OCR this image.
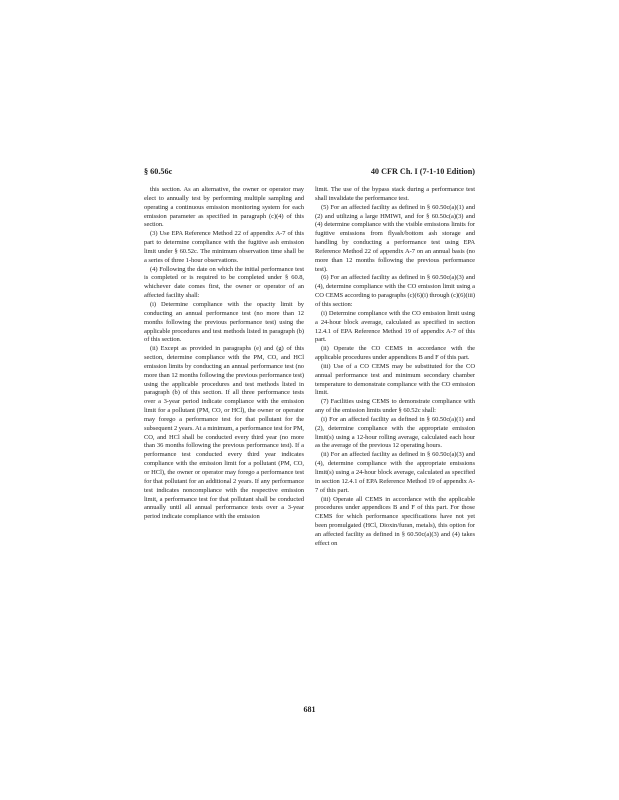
§ 60.56c	40 CFR Ch. I (7-1-10 Edition)

this section. As an alternative, the owner or operator may elect to annually test by performing multiple sampling and operating a continuous emission monitoring system for each emission parameter as specified in paragraph (c)(4) of this section.

(3) Use EPA Reference Method 22 of appendix A-7 of this part to determine compliance with the fugitive ash emission limit under § 60.52c. The minimum observation time shall be a series of three 1-hour observations.

(4) Following the date on which the initial performance test is completed or is required to be completed under § 60.8, whichever date comes first, the owner or operator of an affected facility shall:

(i) Determine compliance with the opacity limit by conducting an annual performance test (no more than 12 months following the previous performance test) using the applicable procedures and test methods listed in paragraph (b) of this section.

(ii) Except as provided in paragraphs (e) and (g) of this section, determine compliance with the PM, CO, and HCl emission limits by conducting an annual performance test (no more than 12 months following the previous performance test) using the applicable procedures and test methods listed in paragraph (b) of this section. If all three performance tests over a 3-year period indicate compliance with the emission limit for a pollutant (PM, CO, or HCl), the owner or operator may forego a performance test for that pollutant for the subsequent 2 years. At a minimum, a performance test for PM, CO, and HCl shall be conducted every third year (no more than 36 months following the previous performance test). If a performance test conducted every third year indicates compliance with the emission limit for a pollutant (PM, CO, or HCl), the owner or operator may forego a performance test for that pollutant for an additional 2 years. If any performance test indicates noncompliance with the respective emission limit, a performance test for that pollutant shall be conducted annually until all annual performance tests over a 3-year period indicate compliance with the emission

limit. The use of the bypass stack during a performance test shall invalidate the performance test.

(5) For an affected facility as defined in § 60.50c(a)(1) and (2) and utilizing a large HMIWI, and for § 60.50c(a)(3) and (4) determine compliance with the visible emissions limits for fugitive emissions from flyash/bottom ash storage and handling by conducting a performance test using EPA Reference Method 22 of appendix A-7 on an annual basis (no more than 12 months following the previous performance test).

(6) For an affected facility as defined in § 60.50c(a)(3) and (4), determine compliance with the CO emission limit using a CO CEMS according to paragraphs (c)(6)(i) through (c)(6)(iii) of this section:

(i) Determine compliance with the CO emission limit using a 24-hour block average, calculated as specified in section 12.4.1 of EPA Reference Method 19 of appendix A-7 of this part.

(ii) Operate the CO CEMS in accordance with the applicable procedures under appendices B and F of this part.

(iii) Use of a CO CEMS may be substituted for the CO annual performance test and minimum secondary chamber temperature to demonstrate compliance with the CO emission limit.

(7) Facilities using CEMS to demonstrate compliance with any of the emission limits under § 60.52c shall:

(i) For an affected facility as defined in § 60.50c(a)(1) and (2), determine compliance with the appropriate emission limit(s) using a 12-hour rolling average, calculated each hour as the average of the previous 12 operating hours.

(ii) For an affected facility as defined in § 60.50c(a)(3) and (4), determine compliance with the appropriate emissions limit(s) using a 24-hour block average, calculated as specified in section 12.4.1 of EPA Reference Method 19 of appendix A-7 of this part.

(iii) Operate all CEMS in accordance with the applicable procedures under appendices B and F of this part. For those CEMS for which performance specifications have not yet been promulgated (HCl, Dioxin/furan, metals), this option for an affected facility as defined in § 60.50c(a)(3) and (4) takes effect on

681
